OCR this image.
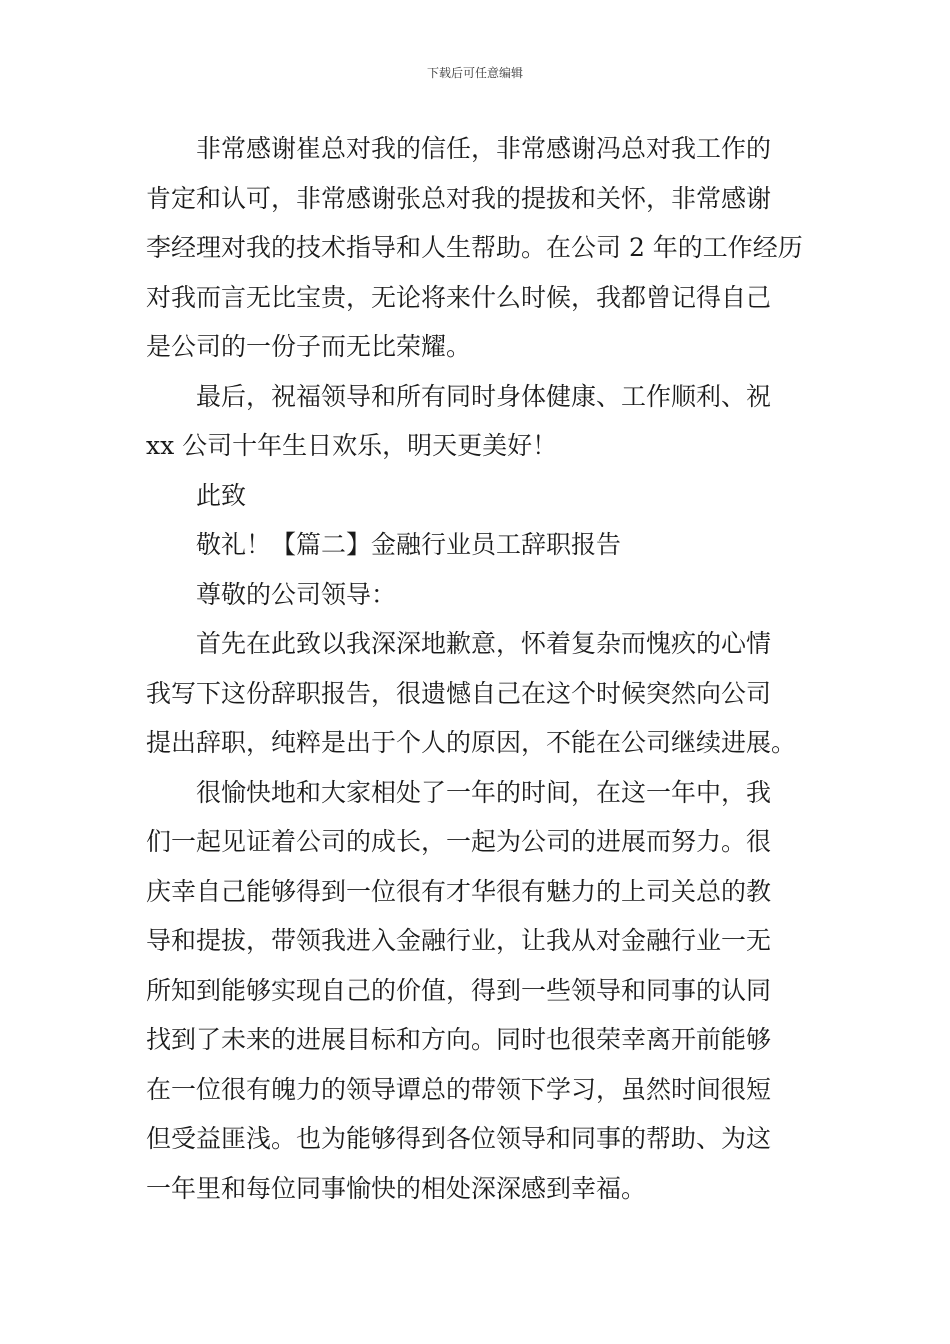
下载后可任意编辑
非常感谢崔总对我的信任，非常感谢冯总对我工作的
肯定和认可，非常感谢张总对我的提拔和关怀，非常感谢
李经理对我的技术指导和人生帮助。在公司 2 年的工作经历
对我而言无比宝贵，无论将来什么时候，我都曾记得自己
是公司的一份子而无比荣耀。
最后，祝福领导和所有同时身体健康、工作顺利、祝
xx 公司十年生日欢乐，明天更美好！
此致
敬礼！【篇二】金融行业员工辞职报告
尊敬的公司领导：
首先在此致以我深深地歉意，怀着复杂而愧疚的心情
我写下这份辞职报告，很遗憾自己在这个时候突然向公司
提出辞职，纯粹是出于个人的原因，不能在公司继续进展。
很愉快地和大家相处了一年的时间，在这一年中，我
们一起见证着公司的成长，一起为公司的进展而努力。很
庆幸自己能够得到一位很有才华很有魅力的上司关总的教
导和提拔，带领我进入金融行业，让我从对金融行业一无
所知到能够实现自己的价值，得到一些领导和同事的认同
找到了未来的进展目标和方向。同时也很荣幸离开前能够
在一位很有魄力的领导谭总的带领下学习，虽然时间很短
但受益匪浅。也为能够得到各位领导和同事的帮助、为这
一年里和每位同事愉快的相处深深感到幸福。
